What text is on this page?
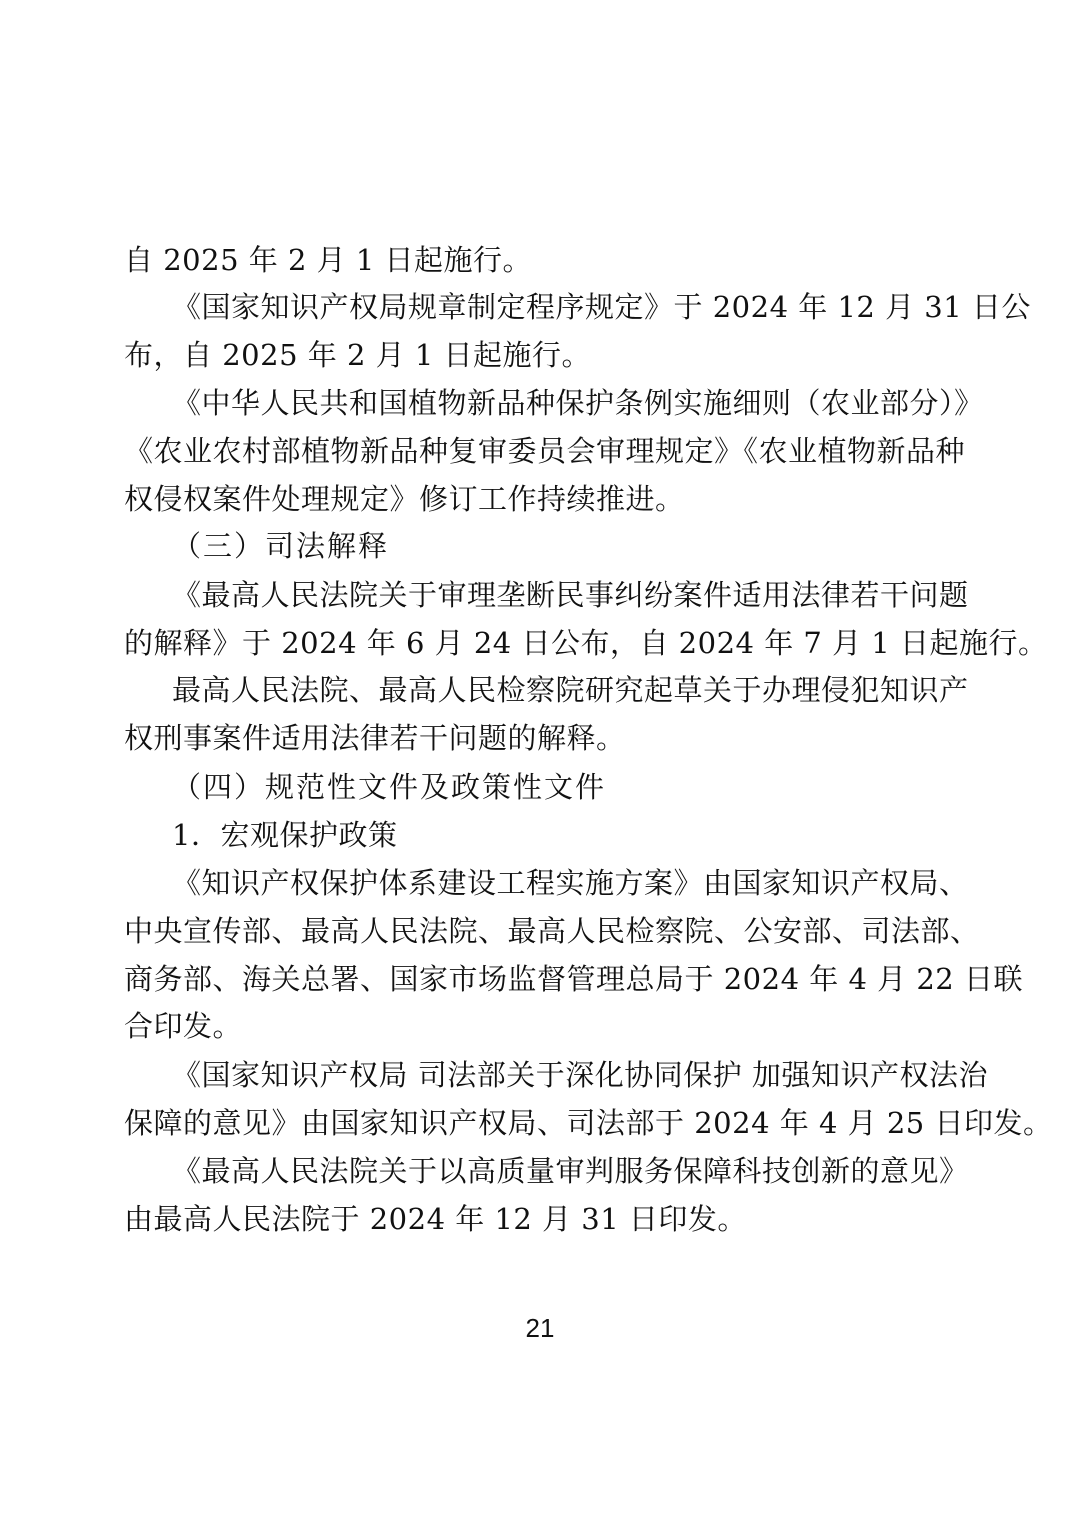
自 2025 年 2 月 1 日起施行。
《国家知识产权局规章制定程序规定》于 2024 年 12 月 31 日公
布，自 2025 年 2 月 1 日起施行。
《中华人民共和国植物新品种保护条例实施细则（农业部分）》
《农业农村部植物新品种复审委员会审理规定》《农业植物新品种
权侵权案件处理规定》修订工作持续推进。
（三）司法解释
《最高人民法院关于审理垄断民事纠纷案件适用法律若干问题
的解释》于 2024 年 6 月 24 日公布，自 2024 年 7 月 1 日起施行。
最高人民法院、最高人民检察院研究起草关于办理侵犯知识产
权刑事案件适用法律若干问题的解释。
（四）规范性文件及政策性文件
1．宏观保护政策
《知识产权保护体系建设工程实施方案》由国家知识产权局、
中央宣传部、最高人民法院、最高人民检察院、公安部、司法部、
商务部、海关总署、国家市场监督管理总局于 2024 年 4 月 22 日联
合印发。
《国家知识产权局 司法部关于深化协同保护 加强知识产权法治
保障的意见》由国家知识产权局、司法部于 2024 年 4 月 25 日印发。
《最高人民法院关于以高质量审判服务保障科技创新的意见》
由最高人民法院于 2024 年 12 月 31 日印发。
21
